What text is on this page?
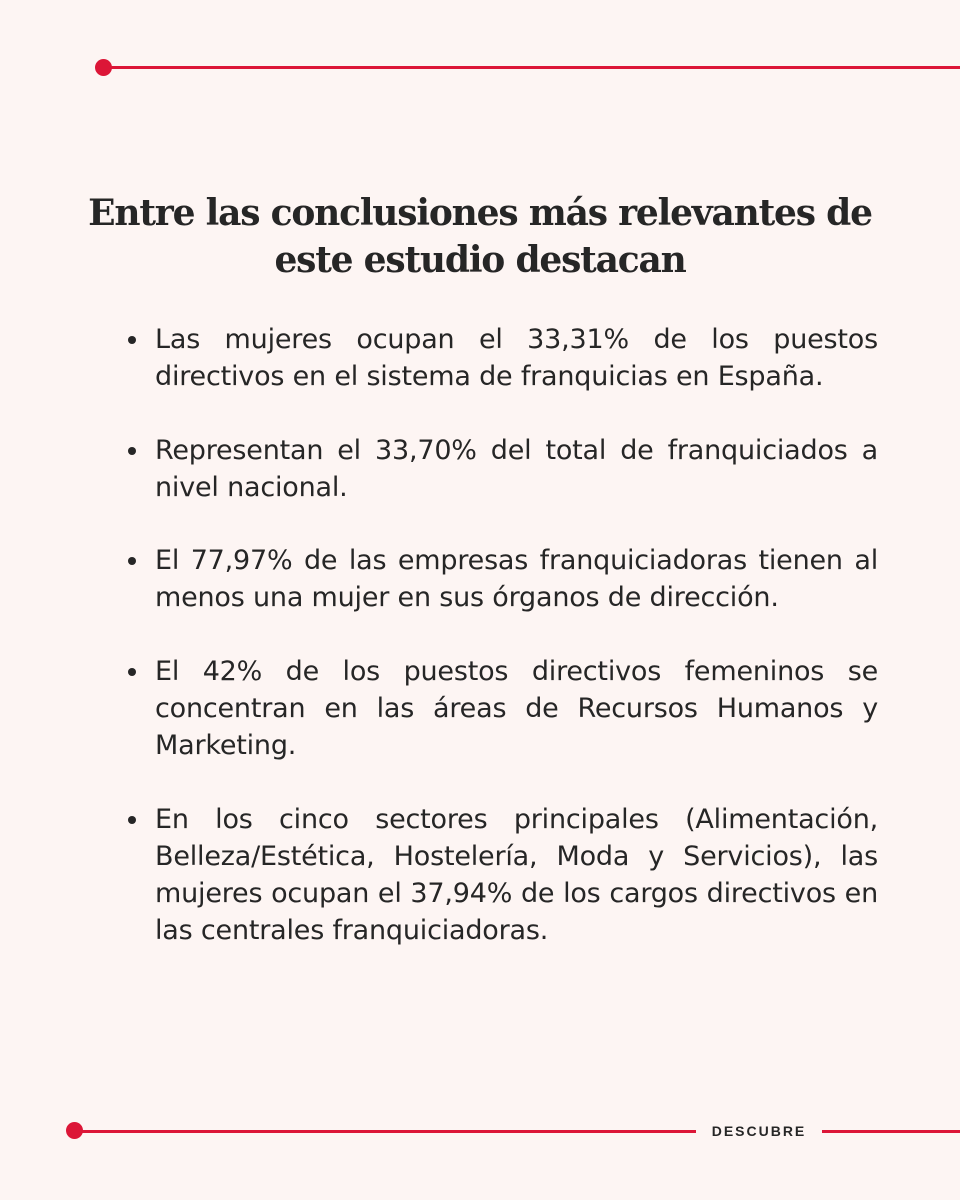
Entre las conclusiones más relevantes de este estudio destacan
Las mujeres ocupan el 33,31% de los puestos directivos en el sistema de franquicias en España.
Representan el 33,70% del total de franquiciados a nivel nacional.
El 77,97% de las empresas franquiciadoras tienen al menos una mujer en sus órganos de dirección.
El 42% de los puestos directivos femeninos se concentran en las áreas de Recursos Humanos y Marketing.
En los cinco sectores principales (Alimentación, Belleza/Estética, Hostelería, Moda y Servicios), las mujeres ocupan el 37,94% de los cargos directivos en las centrales franquiciadoras.
DESCUBRE
